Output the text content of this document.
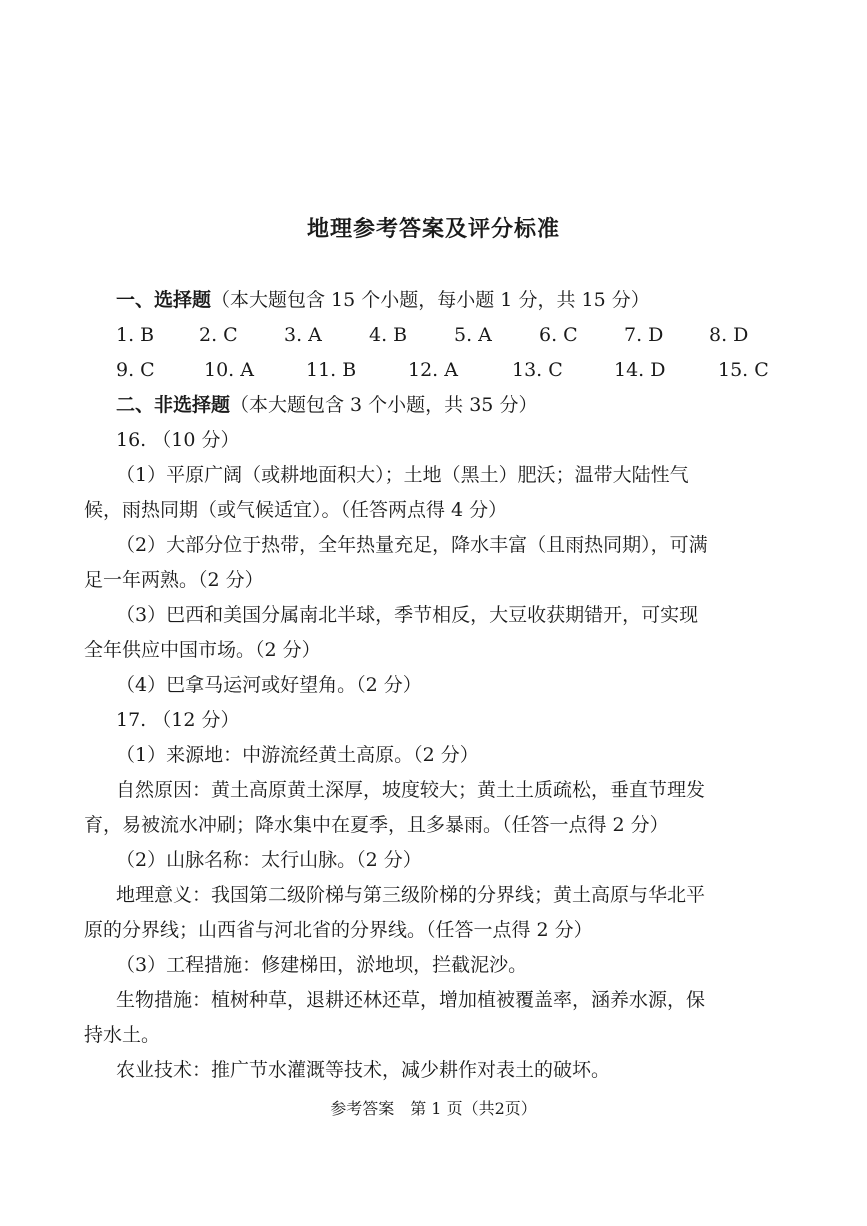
地理参考答案及评分标准
一、选择题（本大题包含 15 个小题，每小题 1 分，共 15 分）
1. B 2. C 3. A 4. B 5. A 6. C 7. D 8. D
9. C	10. A	11. B	12. A	13. C	14. D	15. C
二、非选择题（本大题包含 3 个小题，共 35 分）
16. （10 分）
（1）平原广阔（或耕地面积大）；土地（黑土）肥沃；温带大陆性气
候，雨热同期（或气候适宜）。（任答两点得 4 分）
（2）大部分位于热带，全年热量充足，降水丰富（且雨热同期），可满
足一年两熟。（2 分）
（3）巴西和美国分属南北半球，季节相反，大豆收获期错开，可实现
全年供应中国市场。（2 分）
（4）巴拿马运河或好望角。（2 分）
17. （12 分）
（1）来源地：中游流经黄土高原。（2 分）
自然原因：黄土高原黄土深厚，坡度较大；黄土土质疏松，垂直节理发
育，易被流水冲刷；降水集中在夏季，且多暴雨。（任答一点得 2 分）
（2）山脉名称：太行山脉。（2 分）
地理意义：我国第二级阶梯与第三级阶梯的分界线；黄土高原与华北平
原的分界线；山西省与河北省的分界线。（任答一点得 2 分）
（3）工程措施：修建梯田，淤地坝，拦截泥沙。
生物措施：植树种草，退耕还林还草，增加植被覆盖率，涵养水源，保
持水土。
农业技术：推广节水灌溉等技术，减少耕作对表土的破坏。
参考答案　第 1 页（共2页）
